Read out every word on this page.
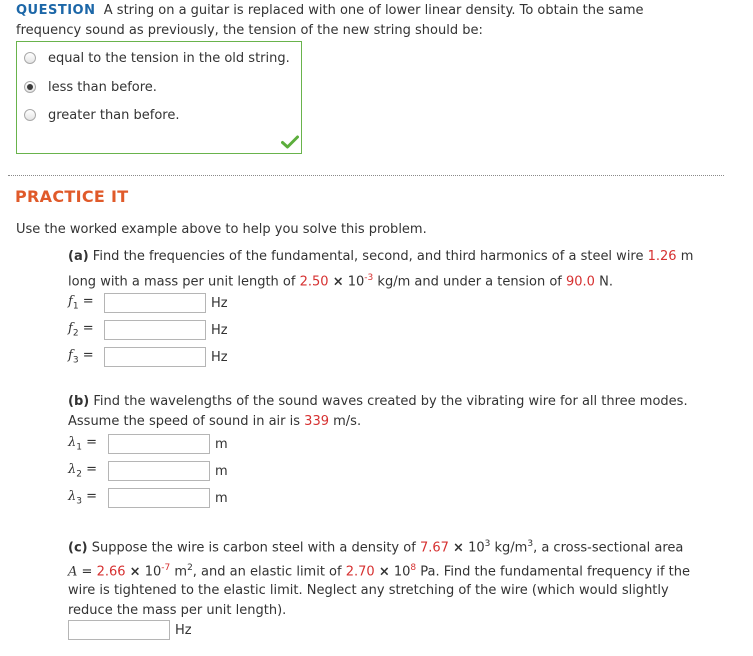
QUESTION A string on a guitar is replaced with one of lower linear density. To obtain the same
frequency sound as previously, the tension of the new string should be:
equal to the tension in the old string.
less than before.
greater than before.
PRACTICE IT
Use the worked example above to help you solve this problem.
(a) Find the frequencies of the fundamental, second, and third harmonics of a steel wire 1.26 m
long with a mass per unit length of $2.50 \times 10^{-3}$ kg/m and under a tension of 90.0 N.
$f_1$ =	Hz
$f_2$ =	Hz
$f_3$ =	Hz
(b) Find the wavelengths of the sound waves created by the vibrating wire for all three modes.
Assume the speed of sound in air is 339 m/s.
$\lambda_1$ =	m
$\lambda_2$ =	m
$\lambda_3$ =	m
(c) Suppose the wire is carbon steel with a density of $7.67 \times 10^3$ $kg/m^3$, a cross-sectional area
$A = 2.66 \times 10^{-7}$ $m^2$, and an elastic limit of $2.70 \times 10^8$ Pa. Find the fundamental frequency if the
wire is tightened to the elastic limit. Neglect any stretching of the wire (which would slightly
reduce the mass per unit length).
Hz
